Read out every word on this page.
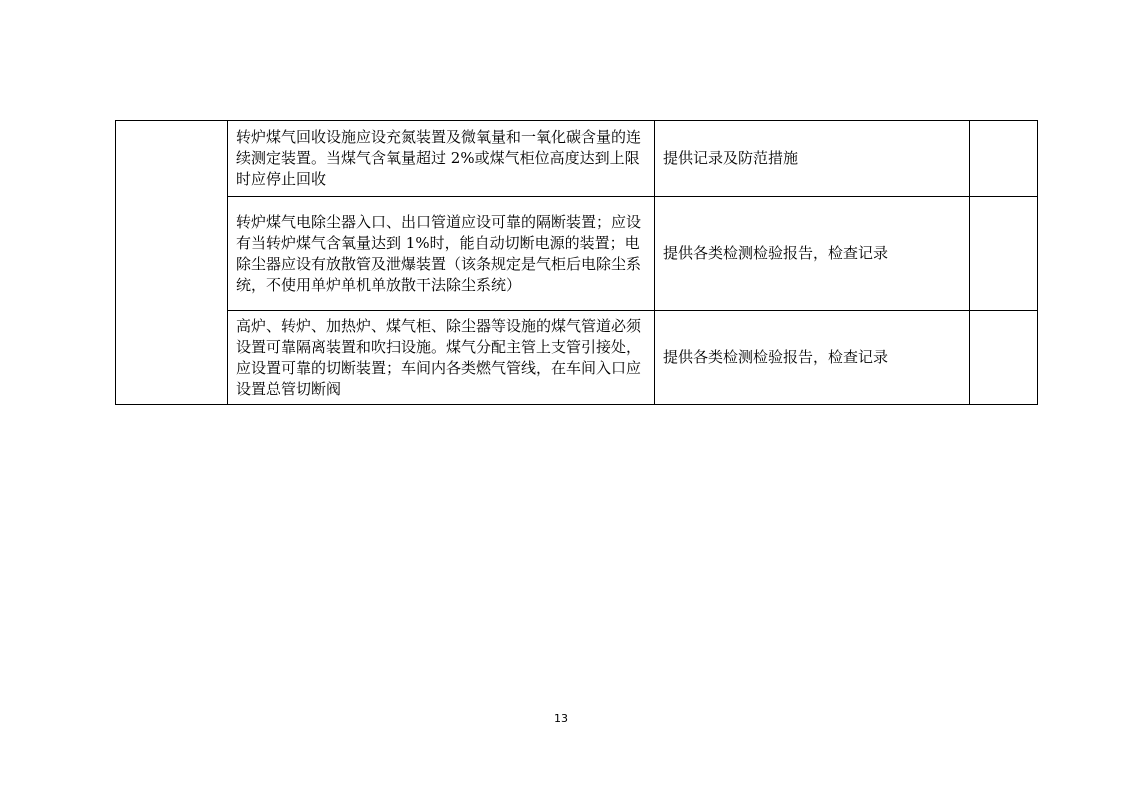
	转炉煤气回收设施应设充氮装置及微氧量和一氧化碳含量的连续测定装置。当煤气含氧量超过 2%或煤气柜位高度达到上限时应停止回收	提供记录及防范措施	
	转炉煤气电除尘器入口、出口管道应设可靠的隔断装置；应设有当转炉煤气含氧量达到 1%时，能自动切断电源的装置；电除尘器应设有放散管及泄爆装置（该条规定是气柜后电除尘系统，不使用单炉单机单放散干法除尘系统）	提供各类检测检验报告，检查记录	
	高炉、转炉、加热炉、煤气柜、除尘器等设施的煤气管道必须设置可靠隔离装置和吹扫设施。煤气分配主管上支管引接处，应设置可靠的切断装置；车间内各类燃气管线，在车间入口应设置总管切断阀	提供各类检测检验报告，检查记录	
13
